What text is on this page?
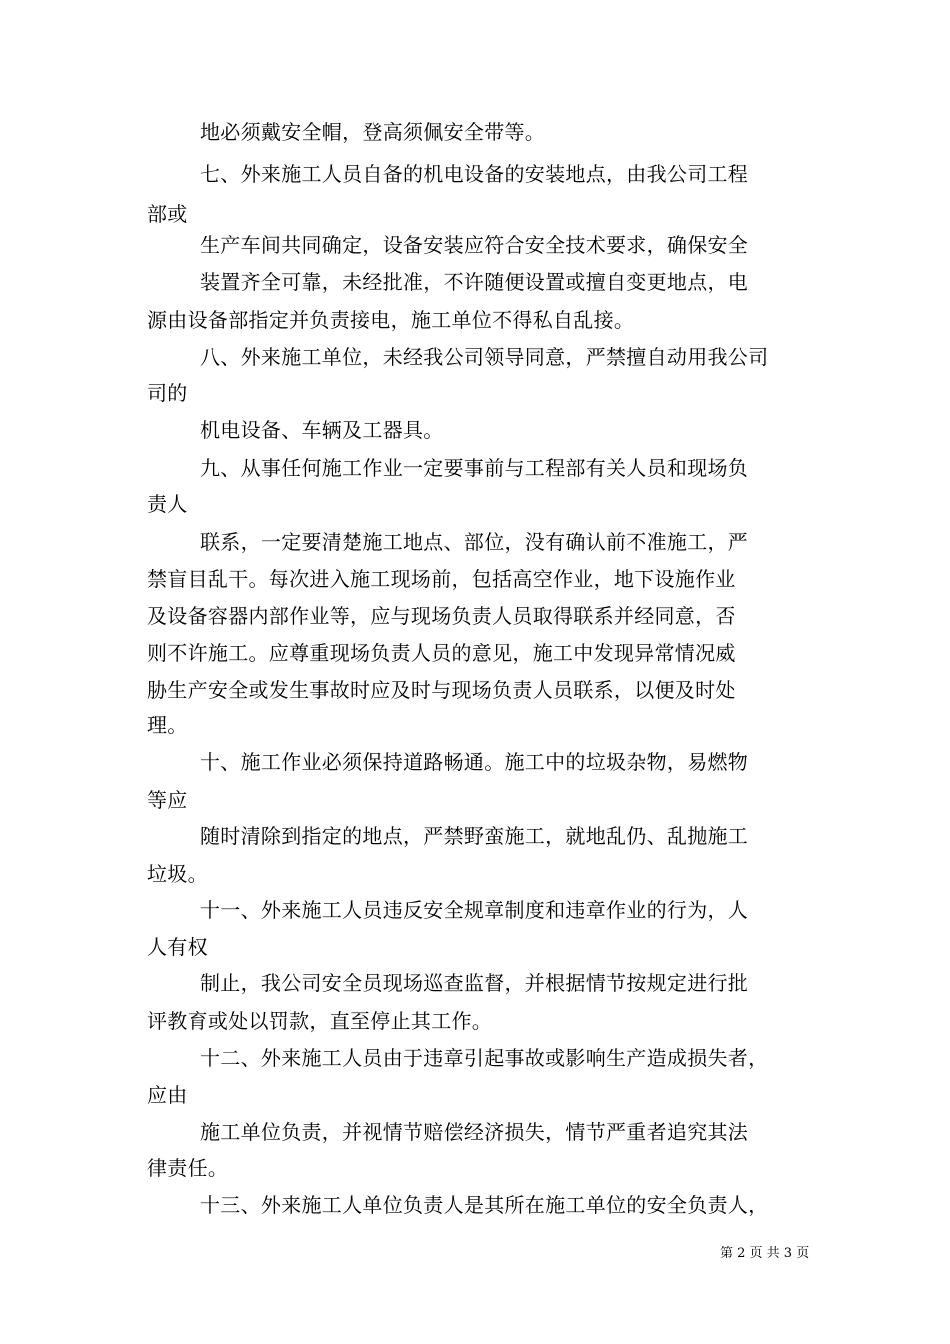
地必须戴安全帽，登高须佩安全带等。
七、外来施工人员自备的机电设备的安装地点，由我公司工程
部或
生产车间共同确定，设备安装应符合安全技术要求，确保安全
装置齐全可靠，未经批准，不许随便设置或擅自变更地点，电
源由设备部指定并负责接电，施工单位不得私自乱接。
八、外来施工单位，未经我公司领导同意，严禁擅自动用我公司
司的
机电设备、车辆及工器具。
九、从事任何施工作业一定要事前与工程部有关人员和现场负
责人
联系，一定要清楚施工地点、部位，没有确认前不准施工，严
禁盲目乱干。每次进入施工现场前，包括高空作业，地下设施作业
及设备容器内部作业等，应与现场负责人员取得联系并经同意，否
则不许施工。应尊重现场负责人员的意见，施工中发现异常情况威
胁生产安全或发生事故时应及时与现场负责人员联系，以便及时处
理。
十、施工作业必须保持道路畅通。施工中的垃圾杂物，易燃物
等应
随时清除到指定的地点，严禁野蛮施工，就地乱仍、乱抛施工
垃圾。
十一、外来施工人员违反安全规章制度和违章作业的行为，人
人有权
制止，我公司安全员现场巡查监督，并根据情节按规定进行批
评教育或处以罚款，直至停止其工作。
十二、外来施工人员由于违章引起事故或影响生产造成损失者，
应由
施工单位负责，并视情节赔偿经济损失，情节严重者追究其法
律责任。
十三、外来施工人单位负责人是其所在施工单位的安全负责人，
第 2 页 共 3 页
